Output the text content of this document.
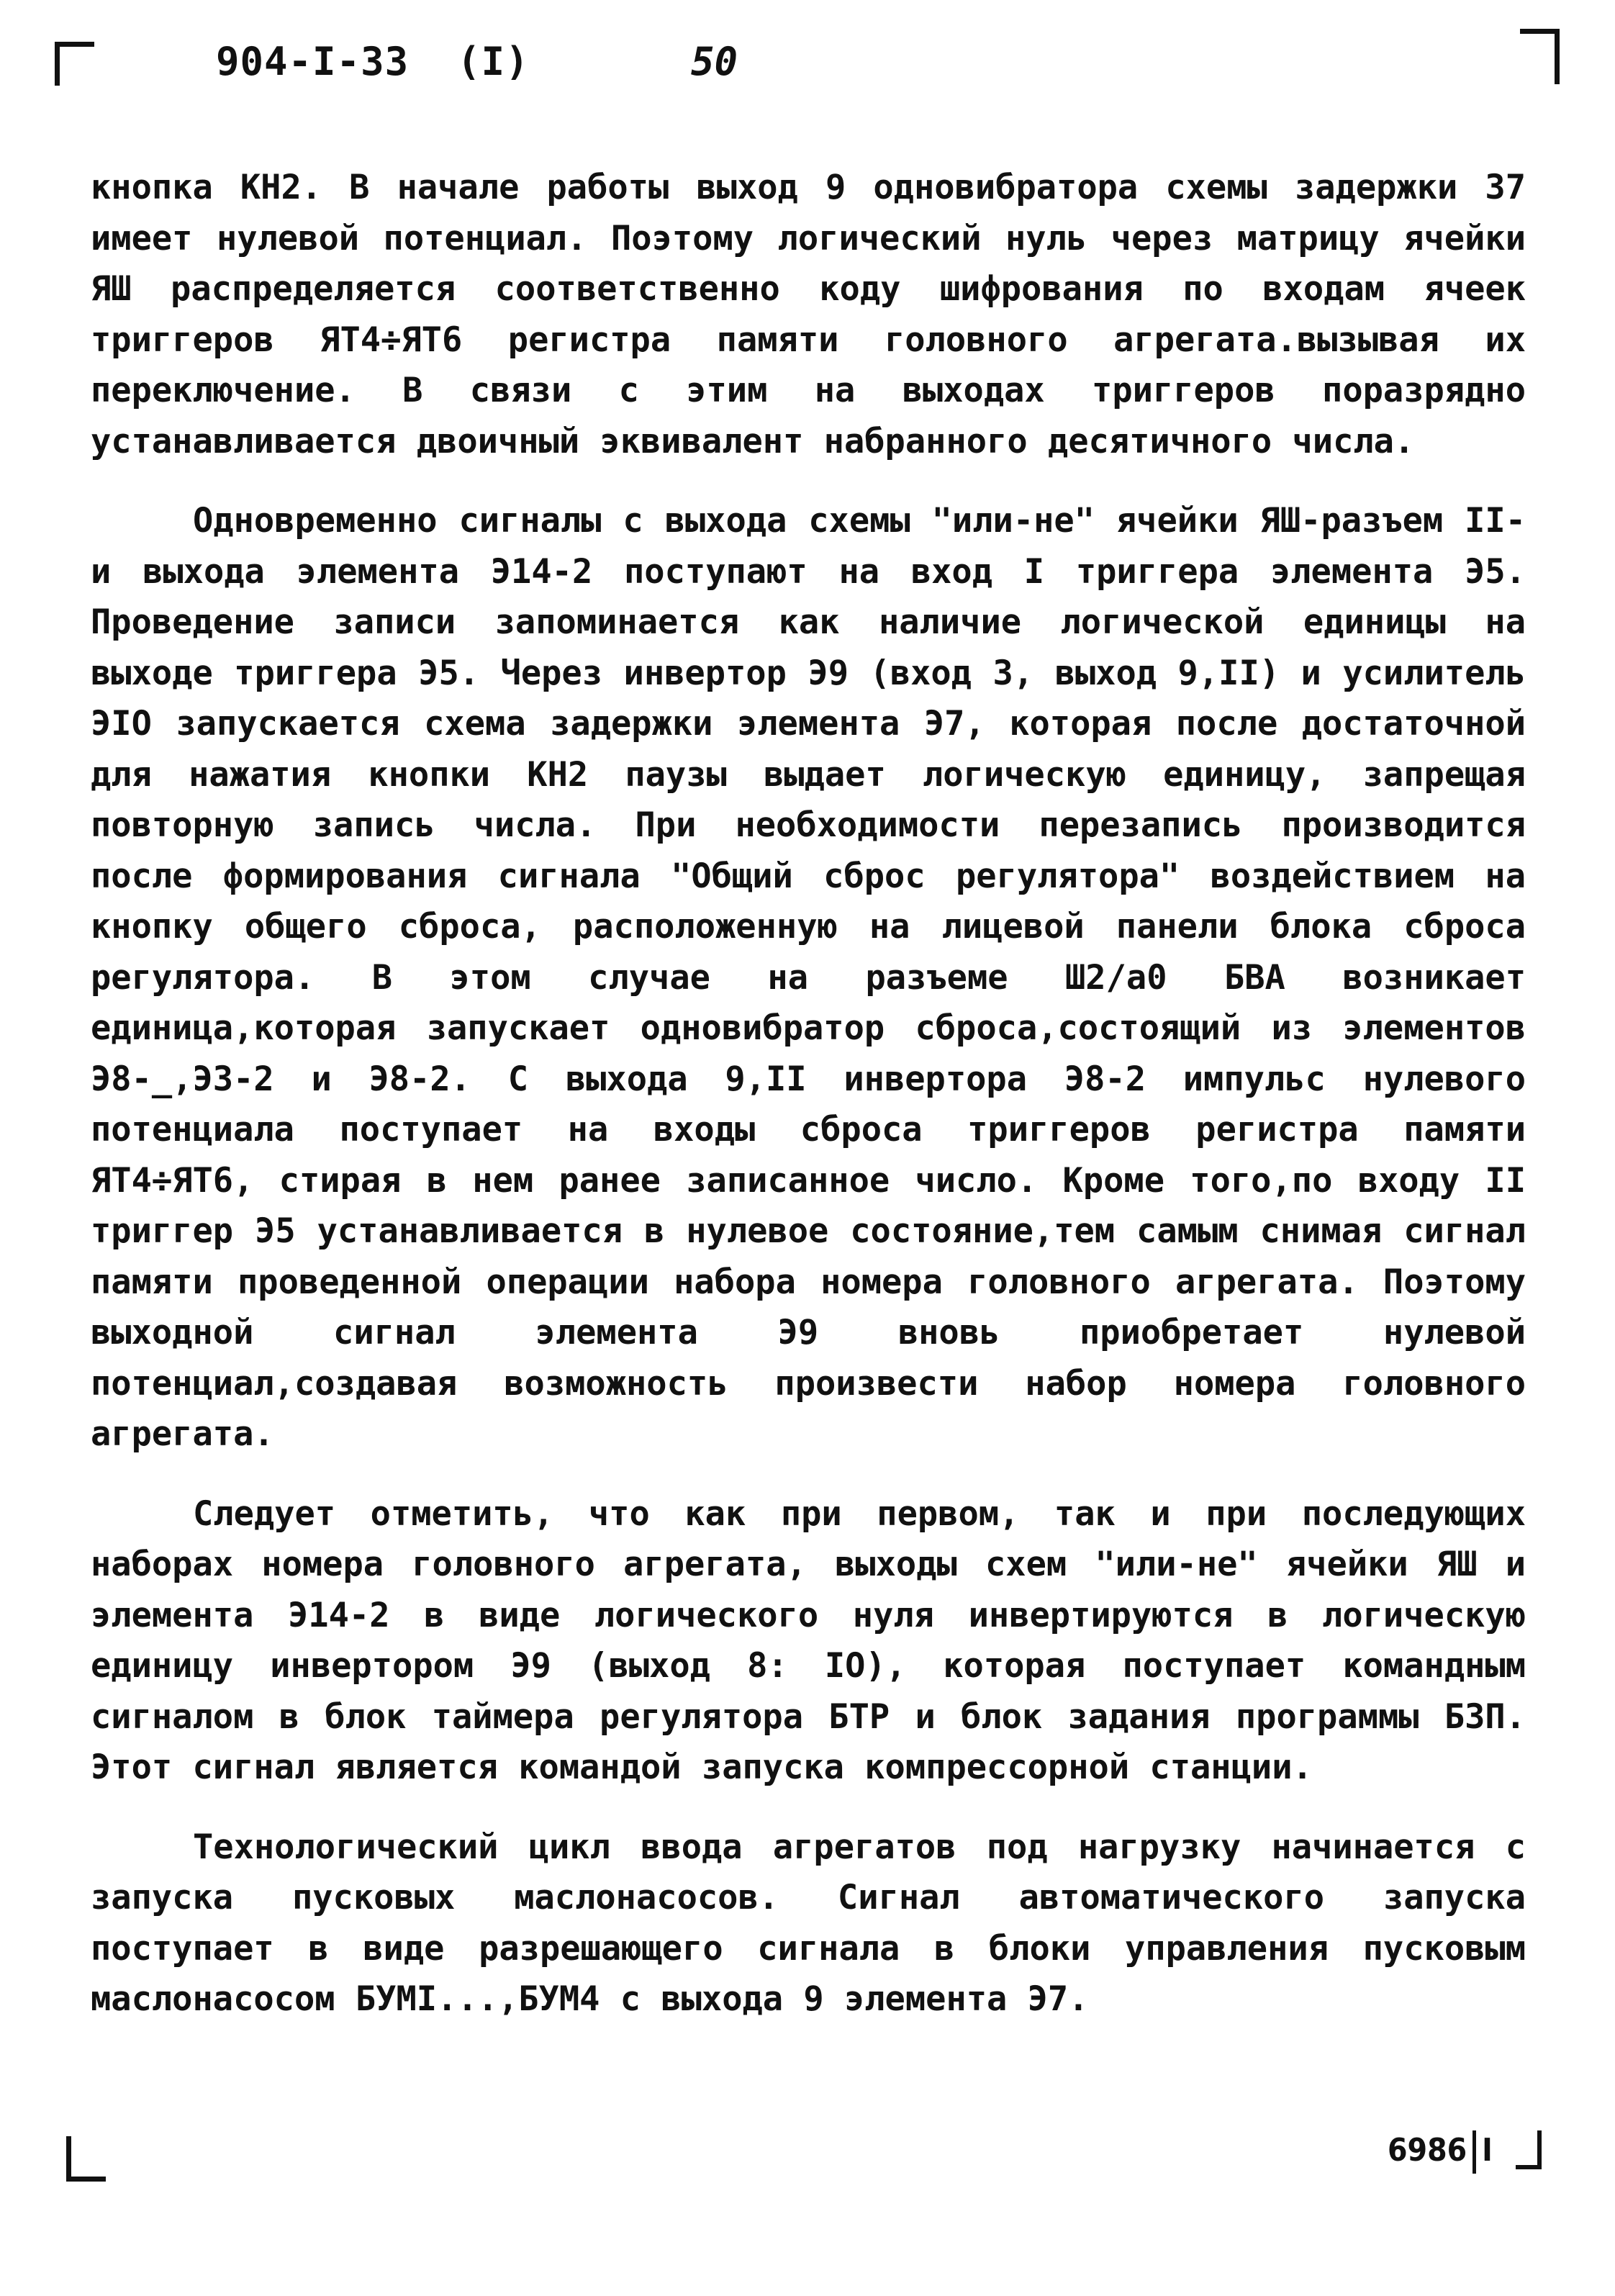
904-I-33  (I)	50

кнопка КН2. В начале работы выход 9 одновибратора схемы задержки 37 имеет нулевой потенциал. Поэтому логический нуль через матрицу ячейки ЯШ распределяется соответственно коду шифрования по входам ячеек триггеров ЯТ4÷ЯТ6 регистра памяти головного агрегата.вызывая их переключение. В связи с этим на выходах триггеров поразрядно устанавливается двоичный эквивалент набранного десятичного числа.

Одновременно сигналы с выхода схемы "или-не" ячейки ЯШ-разъем II- и выхода элемента Э14-2 поступают на вход I триггера элемента Э5. Проведение записи запоминается как наличие логической единицы на выходе триггера Э5. Через инвертор Э9 (вход 3, выход 9,II) и усилитель ЭIO запускается схема задержки элемента Э7, которая после достаточной для нажатия кнопки КН2 паузы выдает логическую единицу, запрещая повторную запись числа. При необходимости перезапись производится после формирования сигнала "Общий сброс регулятора" воздействием на кнопку общего сброса, расположенную на лицевой панели блока сброса регулятора. В этом случае на разъеме Ш2/а0 БВА возникает единица,которая запускает одновибратор сброса,состоящий из элементов Э8-_,Э3-2 и Э8-2. С выхода 9,II инвертора Э8-2 импульс нулевого потенциала поступает на входы сброса триггеров регистра памяти ЯТ4÷ЯТ6, стирая в нем ранее записанное число. Кроме того,по входу II триггер Э5 устанавливается в нулевое состояние,тем самым снимая сигнал памяти проведенной операции набора номера головного агрегата. Поэтому выходной сигнал элемента Э9 вновь приобретает нулевой потенциал,создавая возможность произвести набор номера головного агрегата.

Следует отметить, что как при первом, так и при последующих наборах номера головного агрегата, выходы схем "или-не" ячейки ЯШ и элемента Э14-2 в виде логического нуля инвертируются в логическую единицу инвертором Э9 (выход 8: IO), которая поступает командным сигналом в блок таймера регулятора БТР и блок задания программы БЗП. Этот сигнал является командой запуска компрессорной станции.

Технологический цикл ввода агрегатов под нагрузку начинается с запуска пусковых маслонасосов. Сигнал автоматического запуска поступает в виде разрешающего сигнала в блоки управления пусковым маслонасосом БУМI...,БУМ4 с выхода 9 элемента Э7.

6986 I
